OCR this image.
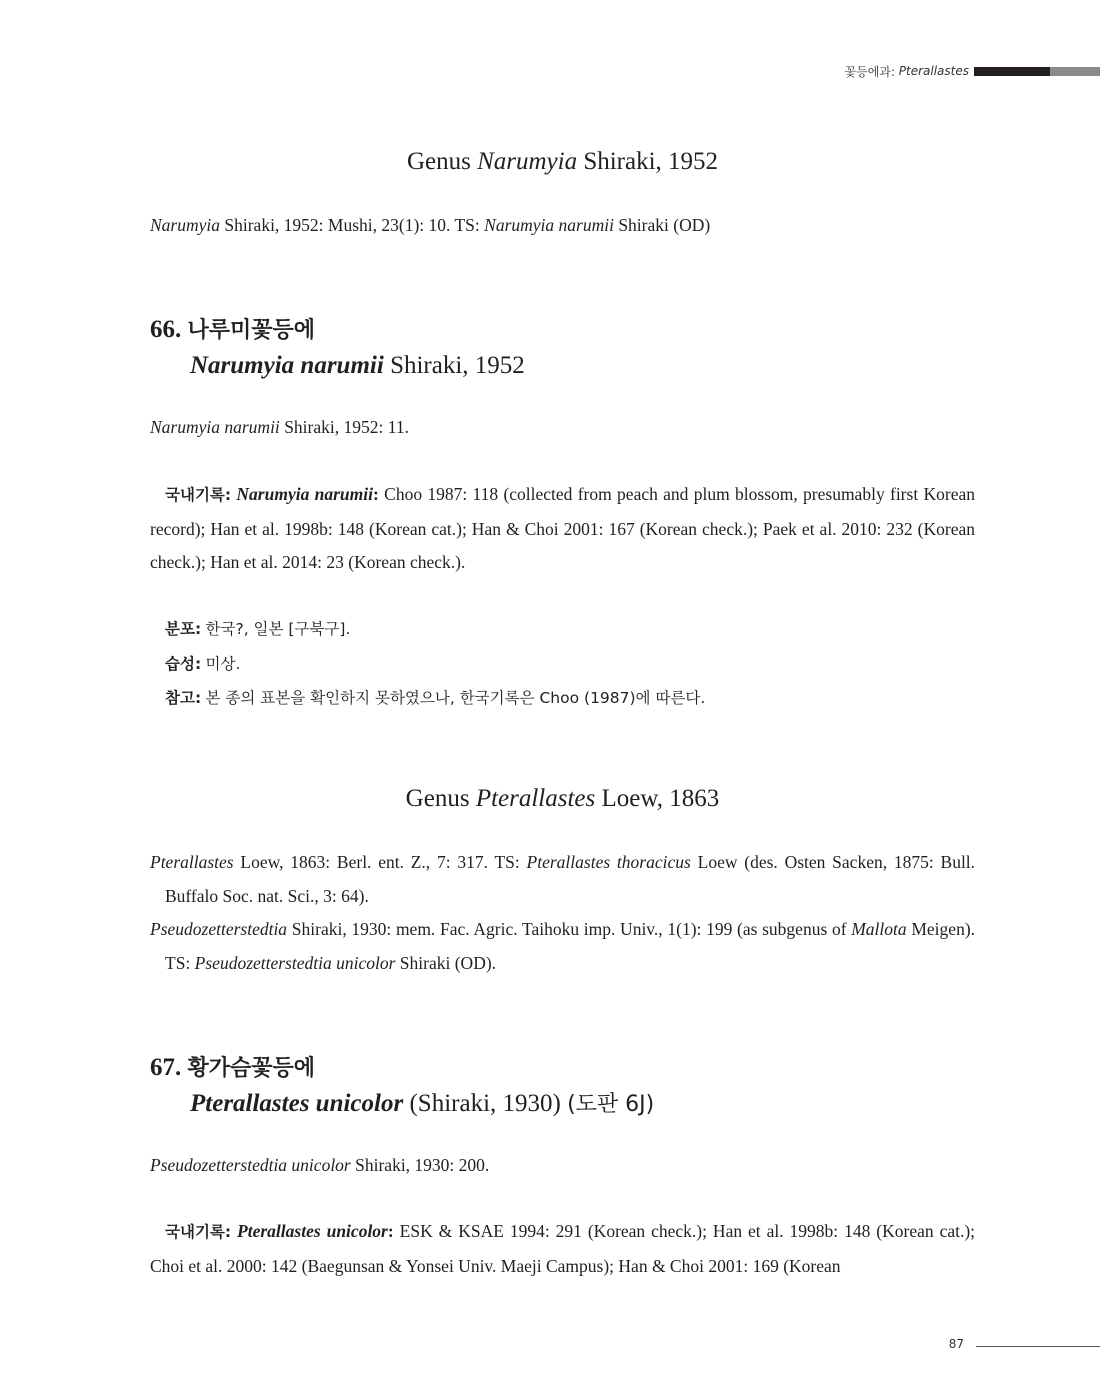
꽃등에과:
Pterallastes
Genus Narumyia Shiraki, 1952
Narumyia Shiraki, 1952: Mushi, 23(1): 10. TS: Narumyia narumii Shiraki (OD)
66. 나루미꽃등에
Narumyia narumii Shiraki, 1952
Narumyia narumii Shiraki, 1952: 11.
국내기록: Narumyia narumii: Choo 1987: 118 (collected from peach and plum blossom, presumably first Korean record); Han et al. 1998b: 148 (Korean cat.); Han & Choi 2001: 167 (Korean check.); Paek et al. 2010: 232 (Korean check.); Han et al. 2014: 23 (Korean check.).
분포: 한국?, 일본 [구북구].
습성: 미상.
참고: 본 종의 표본을 확인하지 못하였으나, 한국기록은 Choo (1987)에 따른다.
Genus Pterallastes Loew, 1863
Pterallastes Loew, 1863: Berl. ent. Z., 7: 317. TS: Pterallastes thoracicus Loew (des. Osten Sacken, 1875: Bull. Buffalo Soc. nat. Sci., 3: 64).
Pseudozetterstedtia Shiraki, 1930: mem. Fac. Agric. Taihoku imp. Univ., 1(1): 199 (as subgenus of Mallota Meigen). TS: Pseudozetterstedtia unicolor Shiraki (OD).
67. 황가슴꽃등에
Pterallastes unicolor (Shiraki, 1930) (도판 6J)
Pseudozetterstedtia unicolor Shiraki, 1930: 200.
국내기록: Pterallastes unicolor: ESK & KSAE 1994: 291 (Korean check.); Han et al. 1998b: 148 (Korean cat.); Choi et al. 2000: 142 (Baegunsan & Yonsei Univ. Maeji Campus); Han & Choi 2001: 169 (Korean
87
